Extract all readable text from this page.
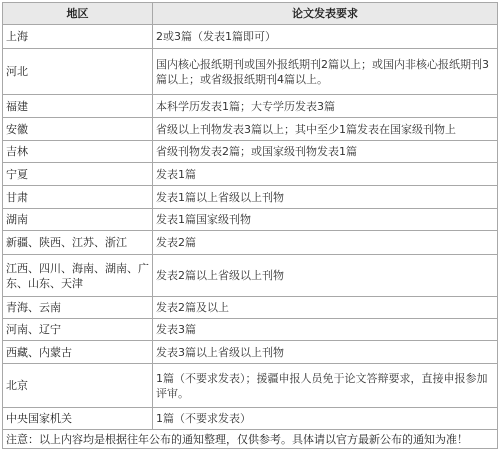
地区	论文发表要求
上海	2或3篇（发表1篇即可）
河北	国内核心报纸期刊或国外报纸期刊2篇以上；或国内非核心报纸期刊3篇以上；或省级报纸期刊4篇以上。
福建	本科学历发表1篇；大专学历发表3篇
安徽	省级以上刊物发表3篇以上；其中至少1篇发表在国家级刊物上
吉林	省级刊物发表2篇；或国家级刊物发表1篇
宁夏	发表1篇
甘肃	发表1篇以上省级以上刊物
湖南	发表1篇国家级刊物
新疆、陕西、江苏、浙江	发表2篇
江西、四川、海南、湖南、广东、山东、天津	发表2篇以上省级以上刊物
青海、云南	发表2篇及以上
河南、辽宁	发表3篇
西藏、内蒙古	发表3篇以上省级以上刊物
北京	1篇（不要求发表）；援疆申报人员免于论文答辩要求，直接申报参加评审。
中央国家机关	1篇（不要求发表）
注意：以上内容均是根据往年公布的通知整理，仅供参考。具体请以官方最新公布的通知为准！	
